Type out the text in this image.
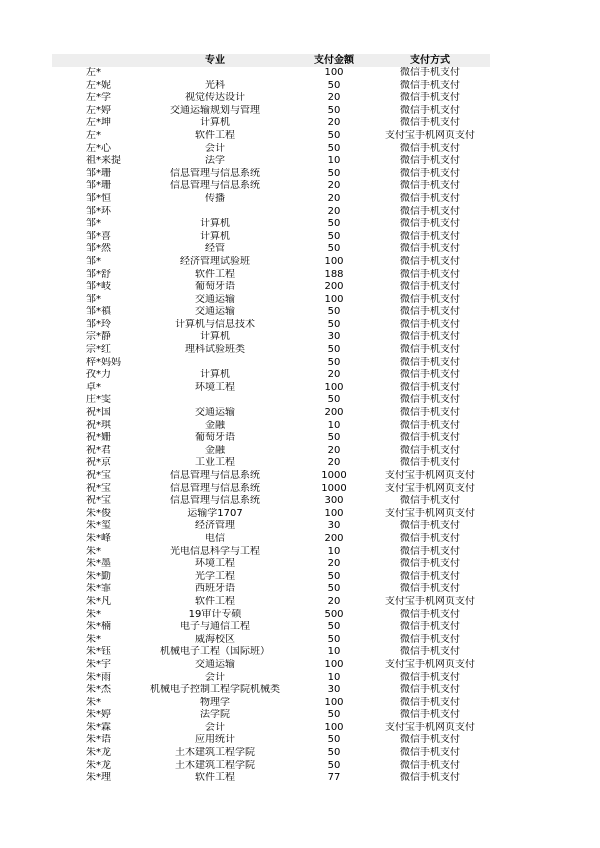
	专业	支付金额	支付方式
左*		100	微信手机支付
左*妮	光科	50	微信手机支付
左*学	视觉传达设计	20	微信手机支付
左*婷	交通运输规划与管理	50	微信手机支付
左*坤	计算机	20	微信手机支付
左*	软件工程	50	支付宝手机网页支付
左*心	会计	50	微信手机支付
祖*来提	法学	10	微信手机支付
邹*珊	信息管理与信息系统	50	微信手机支付
邹*珊	信息管理与信息系统	20	微信手机支付
邹*恒	传播	20	微信手机支付
邹*环		20	微信手机支付
邹*	计算机	50	微信手机支付
邹*喜	计算机	50	微信手机支付
邹*然	经管	50	微信手机支付
邹*	经济管理试验班	100	微信手机支付
邹*舒	软件工程	188	微信手机支付
邹*岐	葡萄牙语	200	微信手机支付
邹*	交通运输	100	微信手机支付
邹*禛	交通运输	50	微信手机支付
邹*玲	计算机与信息技术	50	微信手机支付
宗*静	计算机	30	微信手机支付
宗*红	理科试验班类	50	微信手机支付
梓*妈妈		50	微信手机支付
孜*力	计算机	20	微信手机支付
卓*	环境工程	100	微信手机支付
庄*雯		50	微信手机支付
祝*国	交通运输	200	微信手机支付
祝*琪	金融	10	微信手机支付
祝*姗	葡萄牙语	50	微信手机支付
祝*君	金融	20	微信手机支付
祝*京	工业工程	20	微信手机支付
祝*宝	信息管理与信息系统	1000	支付宝手机网页支付
祝*宝	信息管理与信息系统	1000	支付宝手机网页支付
祝*宝	信息管理与信息系统	300	微信手机支付
朱*俊	运输学1707	100	支付宝手机网页支付
朱*玺	经济管理	30	微信手机支付
朱*峰	电信	200	微信手机支付
朱*	光电信息科学与工程	10	微信手机支付
朱*墨	环境工程	20	微信手机支付
朱*勤	光学工程	50	微信手机支付
朱*霏	西班牙语	50	微信手机支付
朱*凡	软件工程	20	支付宝手机网页支付
朱*	19审计专硕	500	微信手机支付
朱*楠	电子与通信工程	50	微信手机支付
朱*	威海校区	50	微信手机支付
朱*钰	机械电子工程（国际班）	10	微信手机支付
朱*宇	交通运输	100	支付宝手机网页支付
朱*雨	会计	10	微信手机支付
朱*杰	机械电子控制工程学院机械类	30	微信手机支付
朱*	物理学	100	微信手机支付
朱*婷	法学院	50	微信手机支付
朱*霖	会计	100	支付宝手机网页支付
朱*语	应用统计	50	微信手机支付
朱*龙	土木建筑工程学院	50	微信手机支付
朱*龙	土木建筑工程学院	50	微信手机支付
朱*理	软件工程	77	微信手机支付
